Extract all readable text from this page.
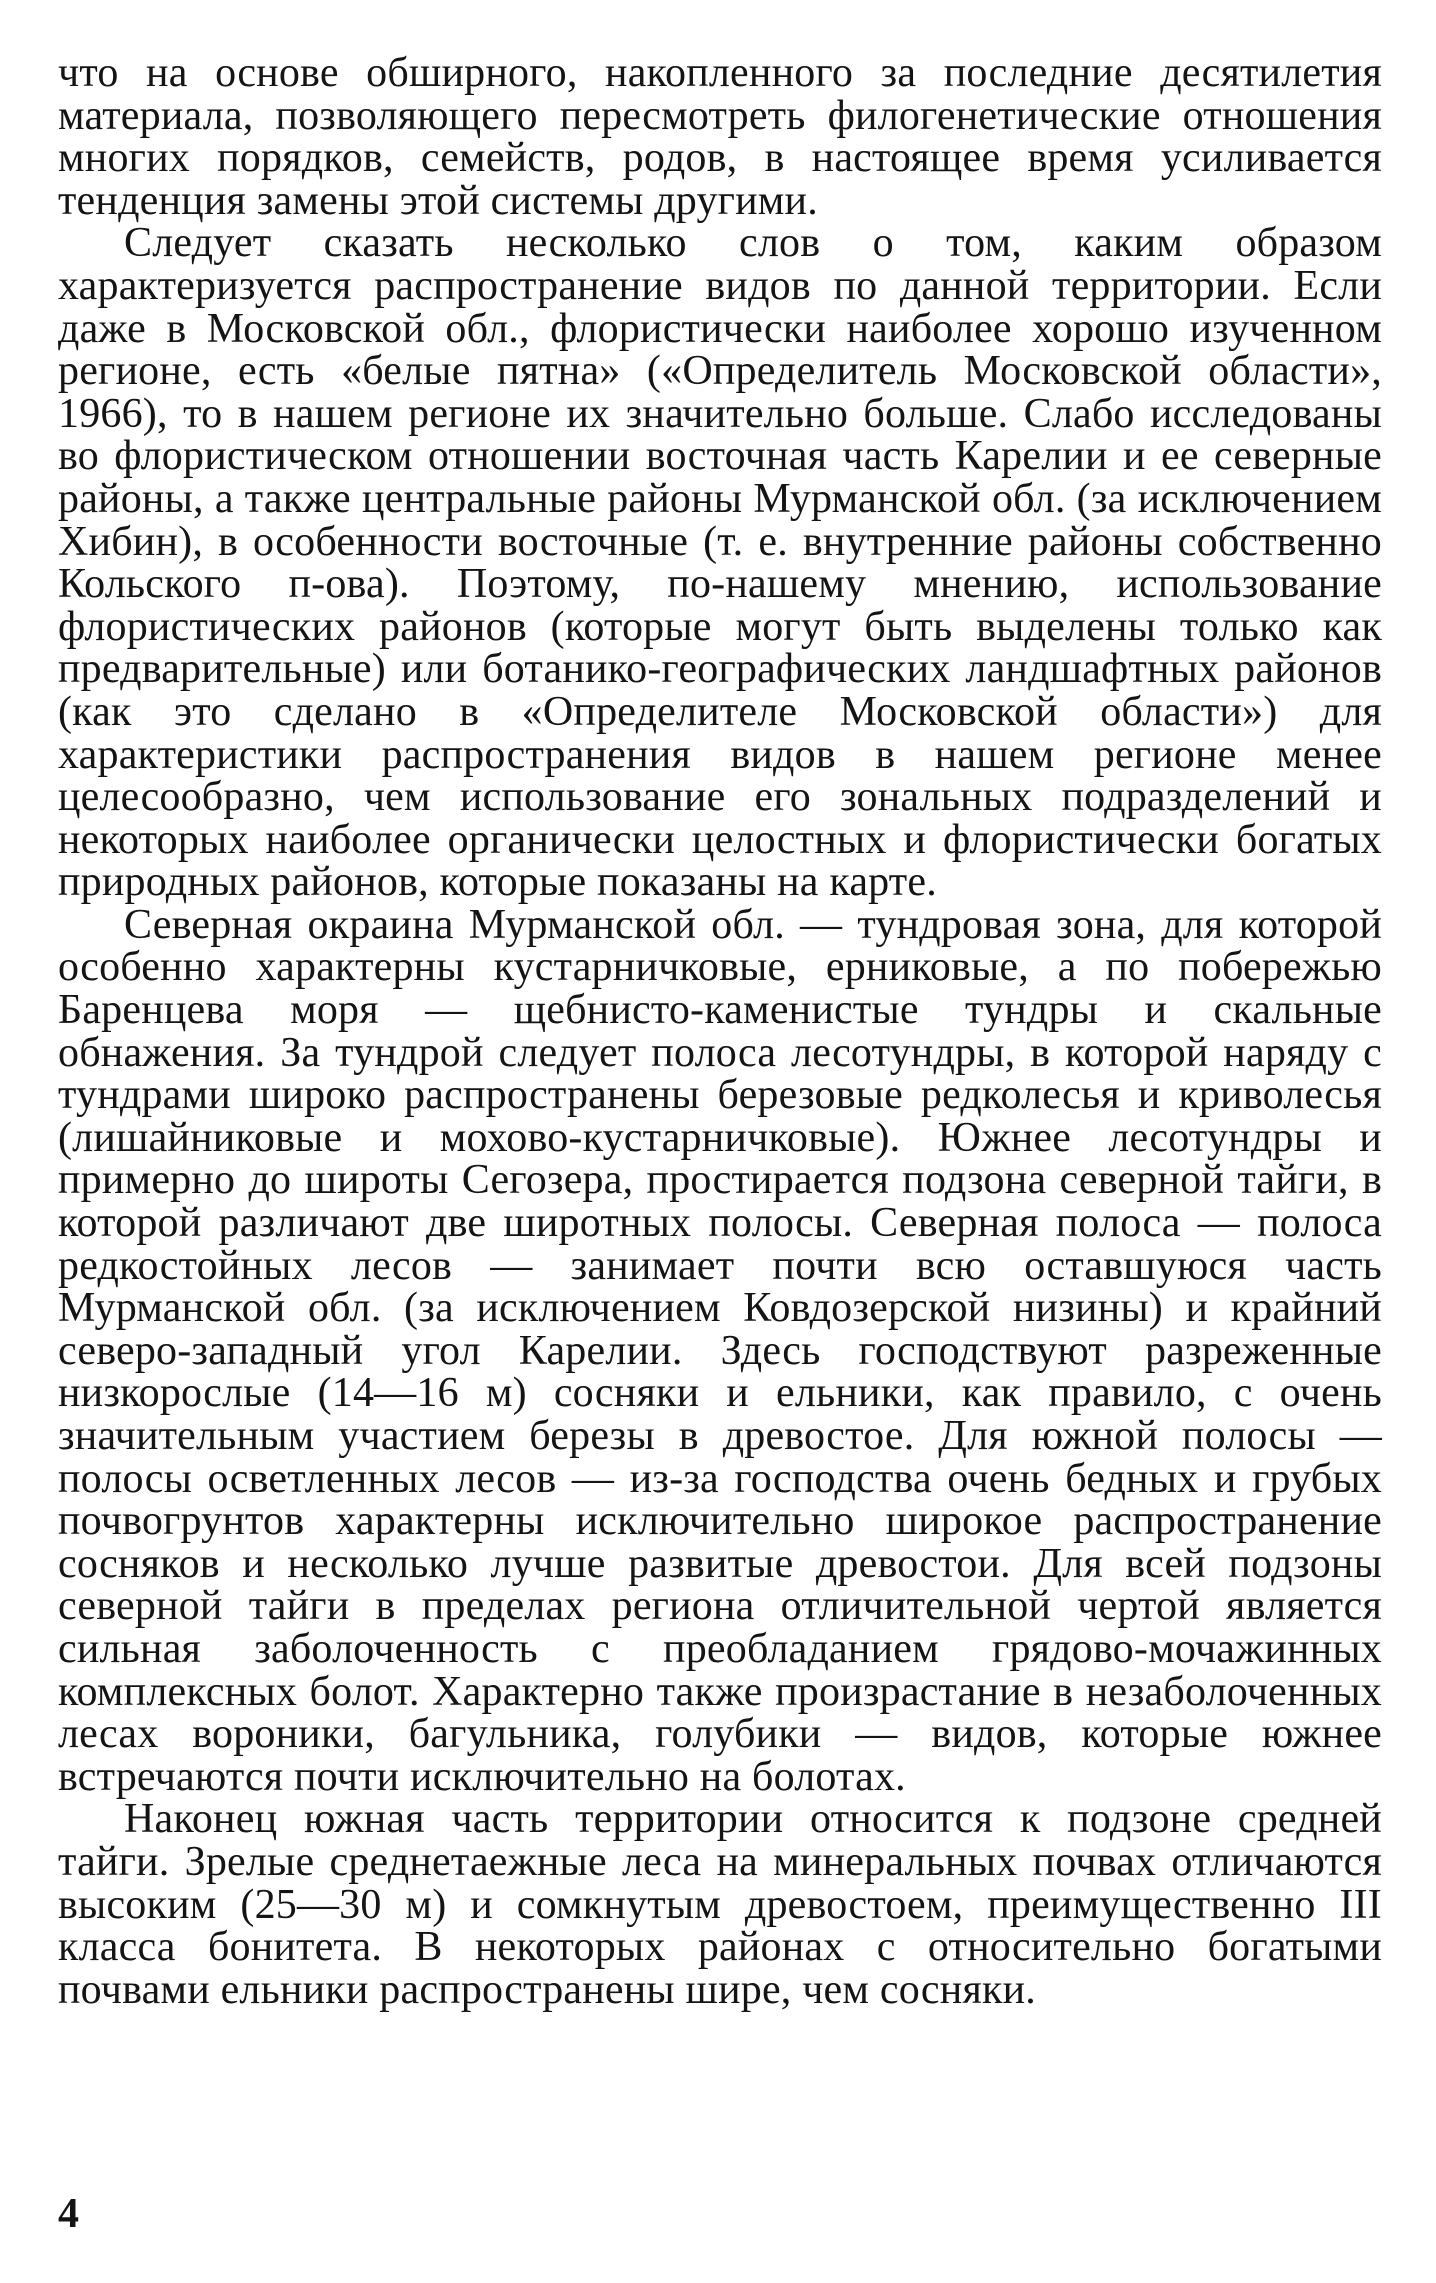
что на основе обширного, накопленного за последние десятилетия материала, позволяющего пересмотреть филогенетические отношения многих порядков, семейств, родов, в настоящее время усиливается тенденция замены этой системы другими.

Следует сказать несколько слов о том, каким образом характеризуется распространение видов по данной территории. Если даже в Московской обл., флористически наиболее хорошо изученном регионе, есть «белые пятна» («Определитель Московской области», 1966), то в нашем регионе их значительно больше. Слабо исследованы во флористическом отношении восточная часть Карелии и ее северные районы, а также центральные районы Мурманской обл. (за исключением Хибин), в особенности восточные (т. е. внутренние районы собственно Кольского п-ова). Поэтому, по-нашему мнению, использование флористических районов (которые могут быть выделены только как предварительные) или ботанико-географических ландшафтных районов (как это сделано в «Определителе Московской области») для характеристики распространения видов в нашем регионе менее целесообразно, чем использование его зональных подразделений и некоторых наиболее органически целостных и флористически богатых природных районов, которые показаны на карте.

Северная окраина Мурманской обл. — тундровая зона, для которой особенно характерны кустарничковые, ерниковые, а по побережью Баренцева моря — щебнисто-каменистые тундры и скальные обнажения. За тундрой следует полоса лесотундры, в которой наряду с тундрами широко распространены березовые редколесья и криволесья (лишайниковые и мохово-кустарничковые). Южнее лесотундры и примерно до широты Сегозера, простирается подзона северной тайги, в которой различают две широтных полосы. Северная полоса — полоса редкостойных лесов — занимает почти всю оставшуюся часть Мурманской обл. (за исключением Ковдозерской низины) и крайний северо-западный угол Карелии. Здесь господствуют разреженные низкорослые (14—16 м) сосняки и ельники, как правило, с очень значительным участием березы в древостое. Для южной полосы — полосы осветленных лесов — из-за господства очень бедных и грубых почвогрунтов характерны исключительно широкое распространение сосняков и несколько лучше развитые древостои. Для всей подзоны северной тайги в пределах региона отличительной чертой является сильная заболоченность с преобладанием грядово-мочажинных комплексных болот. Характерно также произрастание в незаболоченных лесах вороники, багульника, голубики — видов, которые южнее встречаются почти исключительно на болотах.

Наконец южная часть территории относится к подзоне средней тайги. Зрелые среднетаежные леса на минеральных почвах отличаются высоким (25—30 м) и сомкнутым древостоем, преимущественно III класса бонитета. В некоторых районах с относительно богатыми почвами ельники распространены шире, чем сосняки.

4
